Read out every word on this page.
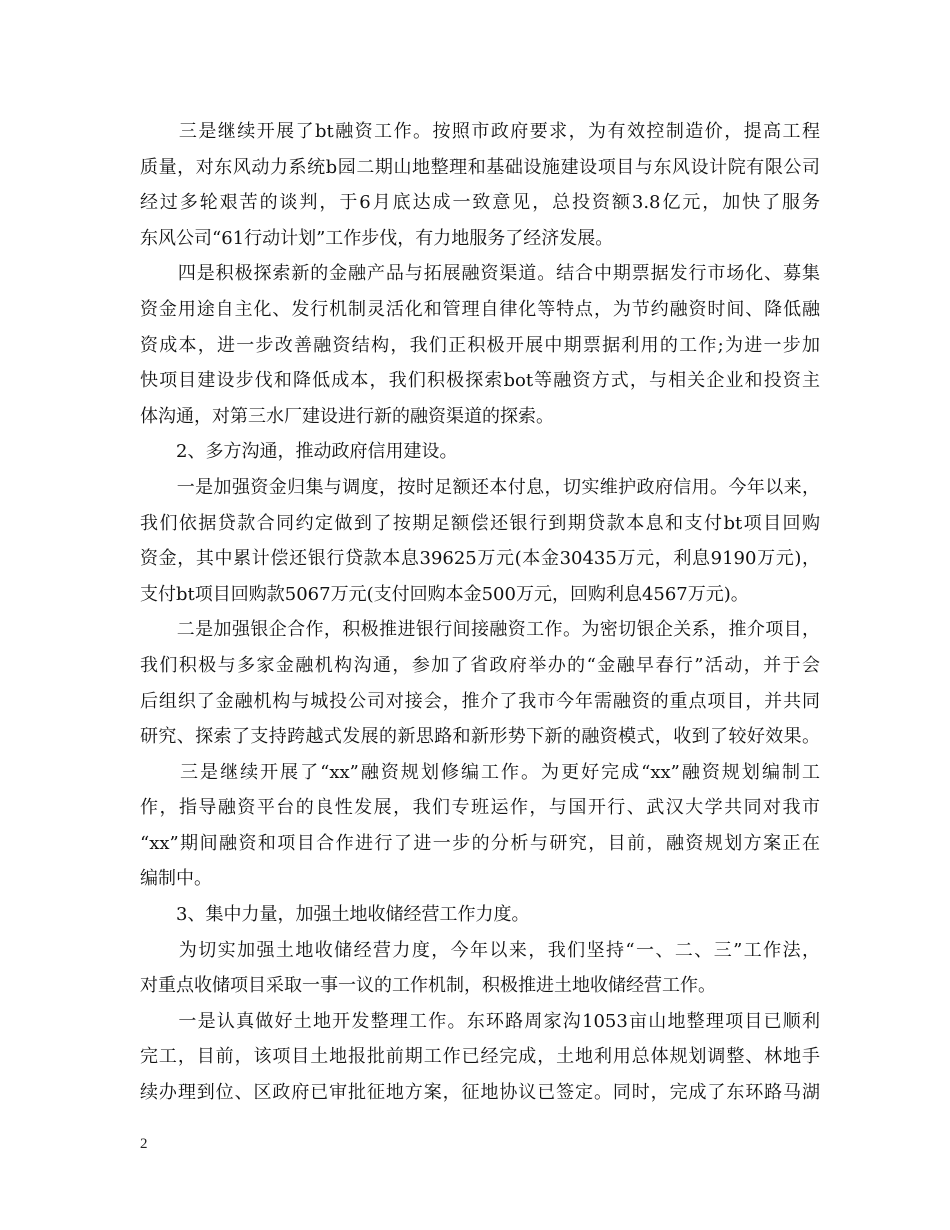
　　三是继续开展了bt融资工作。按照市政府要求，为有效控制造价，提高工程
质量，对东风动力系统b园二期山地整理和基础设施建设项目与东风设计院有限公司
经过多轮艰苦的谈判，于6月底达成一致意见，总投资额3.8亿元，加快了服务
东风公司“61行动计划”工作步伐，有力地服务了经济发展。
　　四是积极探索新的金融产品与拓展融资渠道。结合中期票据发行市场化、募集
资金用途自主化、发行机制灵活化和管理自律化等特点，为节约融资时间、降低融
资成本，进一步改善融资结构，我们正积极开展中期票据利用的工作;为进一步加
快项目建设步伐和降低成本，我们积极探索bot等融资方式，与相关企业和投资主
体沟通，对第三水厂建设进行新的融资渠道的探索。
　　2、多方沟通，推动政府信用建设。
　　一是加强资金归集与调度，按时足额还本付息，切实维护政府信用。今年以来，
我们依据贷款合同约定做到了按期足额偿还银行到期贷款本息和支付bt项目回购
资金，其中累计偿还银行贷款本息39625万元(本金30435万元，利息9190万元)，
支付bt项目回购款5067万元(支付回购本金500万元，回购利息4567万元)。
　　二是加强银企合作，积极推进银行间接融资工作。为密切银企关系，推介项目，
我们积极与多家金融机构沟通，参加了省政府举办的“金融早春行”活动，并于会
后组织了金融机构与城投公司对接会，推介了我市今年需融资的重点项目，并共同
研究、探索了支持跨越式发展的新思路和新形势下新的融资模式，收到了较好效果。
　　三是继续开展了“xx”融资规划修编工作。为更好完成“xx”融资规划编制工
作，指导融资平台的良性发展，我们专班运作，与国开行、武汉大学共同对我市
“xx”期间融资和项目合作进行了进一步的分析与研究，目前，融资规划方案正在
编制中。
　　3、集中力量，加强土地收储经营工作力度。
　　为切实加强土地收储经营力度，今年以来，我们坚持“一、二、三”工作法，
对重点收储项目采取一事一议的工作机制，积极推进土地收储经营工作。
　　一是认真做好土地开发整理工作。东环路周家沟1053亩山地整理项目已顺利
完工，目前，该项目土地报批前期工作已经完成，土地利用总体规划调整、林地手
续办理到位、区政府已审批征地方案，征地协议已签定。同时，完成了东环路马湖
2
